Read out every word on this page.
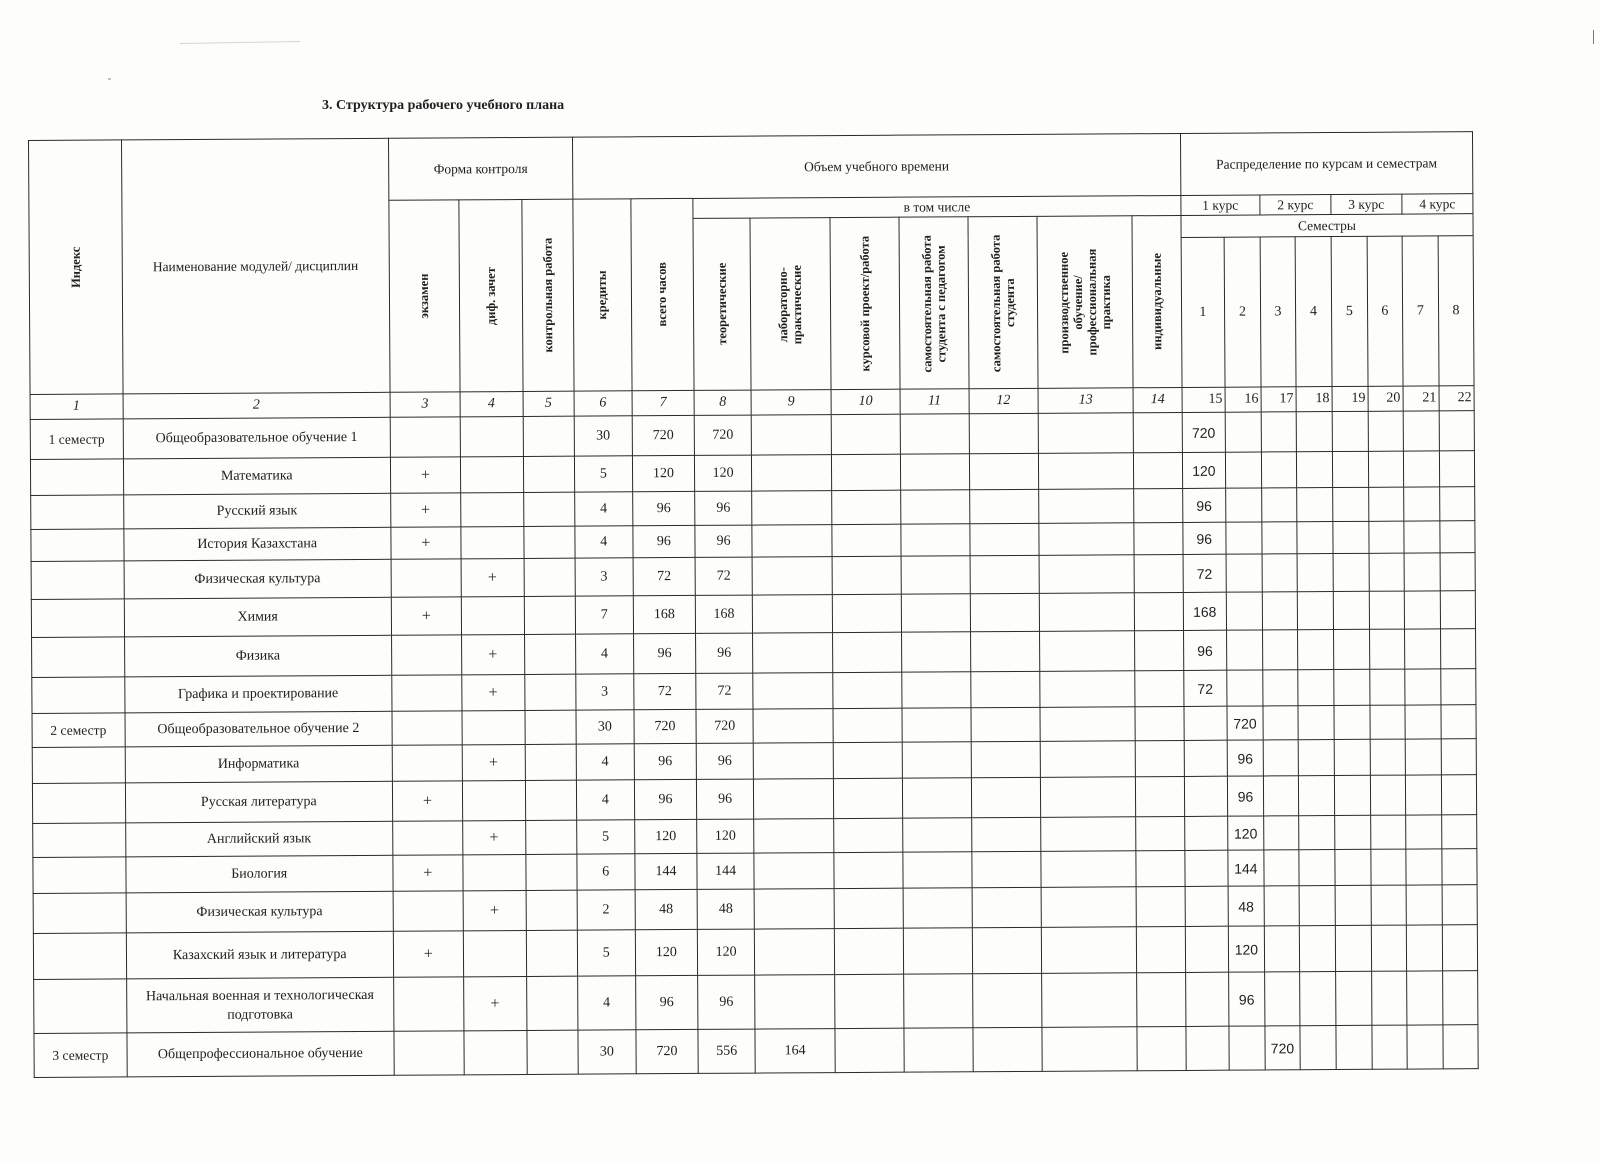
3. Структура рабочего учебного плана
Индекс	Наименование модулей/ дисциплин	Форма контроля			Объем учебного времени									Распределение по курсам и семестрам							

		экзамен	диф. зачет	контрольная работа	кредиты	всего часов	в том числе							1 курс		2 курс		3 курс		4 курс	

							теоретические	лабораторно-практические	курсовой проект/работа	самостоятельная работа студента с педагогом	самостоятельная работа студента	производственное обучение/ профессиональная практика	индивидуальные	Семестры							
														1	2	3	4	5	6	7	8
1	2	3	4	5	6	7	8	9	10	11	12	13	14	15	16	17	18	19	20	21	22
1 семестр	Общеобразовательное обучение 1				30	720	720							720							
	Математика	+			5	120	120							120							
	Русский язык	+			4	96	96							96							
	История Казахстана	+			4	96	96							96							
	Физическая культура		+		3	72	72							72							
	Химия	+			7	168	168							168							
	Физика		+		4	96	96							96							
	Графика и проектирование		+		3	72	72							72							
2 семестр	Общеобразовательное обучение 2				30	720	720								720						
	Информатика		+		4	96	96								96						
	Русская литература	+			4	96	96								96						
	Английский язык		+		5	120	120								120						
	Биология	+			6	144	144								144						
	Физическая культура		+		2	48	48								48						
	Казахский язык и литература	+			5	120	120								120						
	Начальная военная и технологическая подготовка		+		4	96	96								96						
3 семестр	Общепрофессиональное обучение				30	720	556	164								720					
